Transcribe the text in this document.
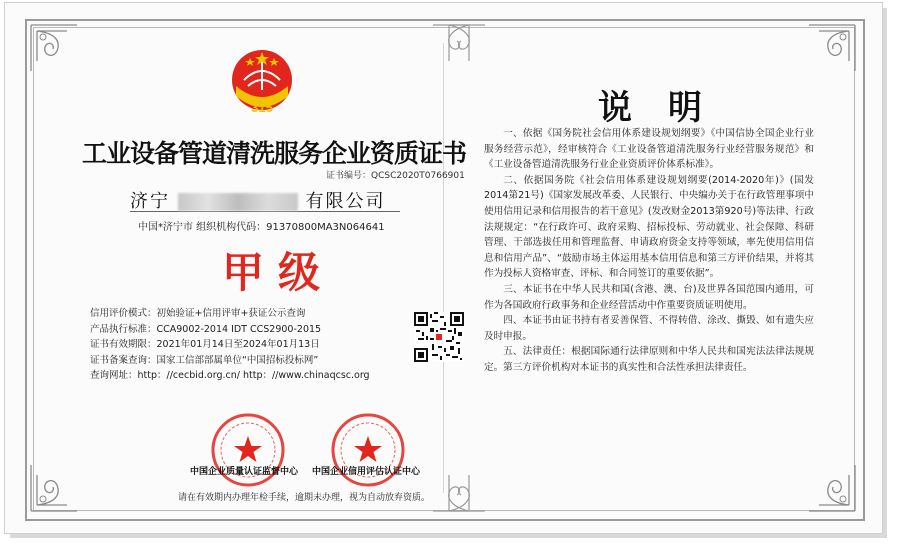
315
工业设备管道清洗服务企业资质证书
证书编号：QCSC2020T0766901
济宁	有限公司
中国*济宁市 组织机构代码：91370800MA3N064641
甲级
信用评价模式：初始验证+信用评审+获证公示查询
产品执行标准：CCA9002-2014 IDT CCS2900-2015
证书有效期限：2021年01月14日至2024年01月13日
证书备案查询：国家工信部部属单位“中国招标投标网”
查询网址：http：//cecbid.org.cn/ http：//www.chinaqcsc.org
中国企业质量认证监督中心 中国企业信用评估认证中心
请在有效期内办理年检手续，逾期未办理，视为自动放弃资质。
说明

一、依据《国务院社会信用体系建设规划纲要》《中国信协全国企业行业服务经营示范》，经审核符合《工业设备管道清洗服务行业经营服务规范》和《工业设备管道清洗服务行业企业资质评价体系标准》。

二、依据国务院《社会信用体系建设规划纲要(2014-2020年)》(国发2014第21号)《国家发展改革委、人民银行、中央编办关于在行政管理事项中使用信用记录和信用报告的若干意见》(发改财金2013第920号)等法律、行政法规规定：“在行政许可、政府采购、招标投标、劳动就业、社会保障、科研管理、干部选拔任用和管理监督、申请政府资金支持等领域，率先使用信用信息和信用产品”、“鼓励市场主体运用基本信用信息和第三方评价结果，并将其作为投标人资格审查、评标、和合同签订的重要依据”。

三、本证书在中华人民共和国(含港、澳、台)及世界各国范围内通用，可作为各国政府行政事务和企业经营活动中作重要资质证明使用。

四、本证书由证书持有者妥善保管、不得转借、涂改、撕毁、如有遗失应及时申报。

五、法律责任：根据国际通行法律原则和中华人民共和国宪法法律法规规定。第三方评价机构对本证书的真实性和合法性承担法律责任。
